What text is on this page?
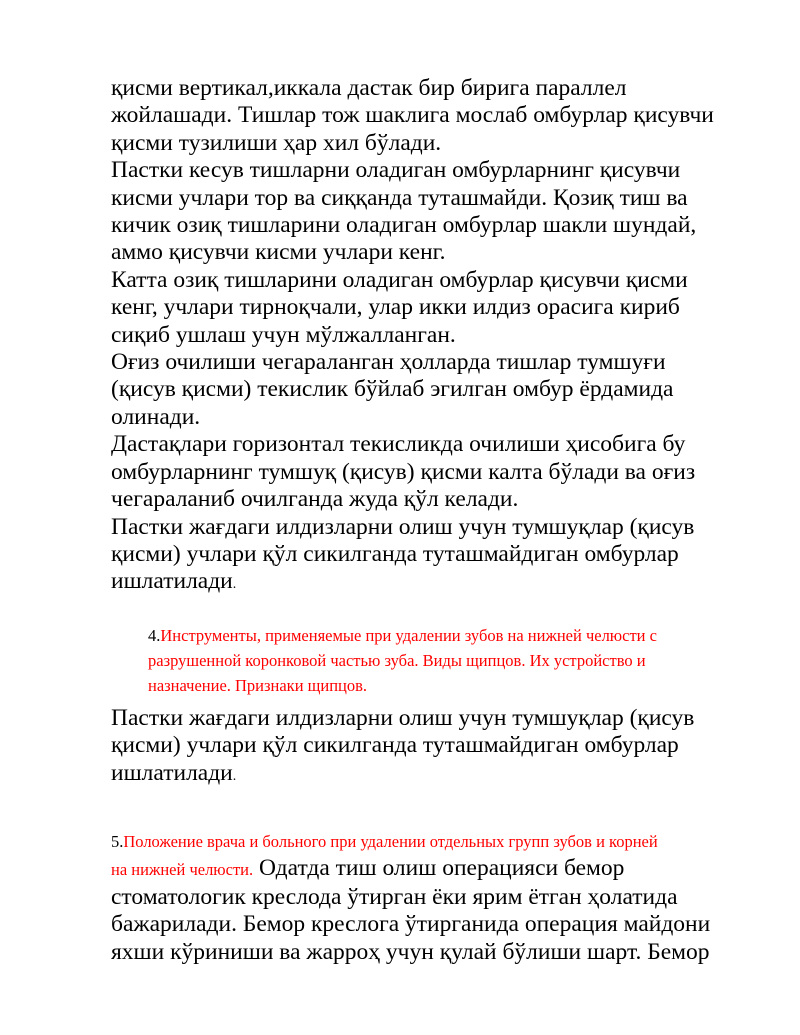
қисми вертикал,иккала дастак бир бирига параллел
жойлашади. Тишлар тож шаклига мослаб омбурлар қисувчи
қисми тузилиши ҳар хил бўлади.
Пастки кесув тишларни оладиган омбурларнинг қисувчи
кисми учлари тор ва сиққанда туташмайди. Қозиқ тиш ва
кичик озиқ тишларини оладиган омбурлар шакли шундай,
аммо қисувчи кисми учлари кенг.
Катта озиқ тишларини оладиган омбурлар қисувчи қисми
кенг, учлари тирноқчали, улар икки илдиз орасига кириб
сиқиб ушлаш учун мўлжалланган.
Оғиз очилиши чегараланган ҳолларда тишлар тумшуғи
(қисув қисми) текислик бўйлаб эгилган омбур ёрдамида
олинади.
Дастақлари горизонтал текисликда очилиши ҳисобига бу
омбурларнинг тумшуқ (қисув) қисми калта бўлади ва оғиз
чегараланиб очилганда жуда қўл келади.
Пастки жағдаги илдизларни олиш учун тумшуқлар (қисув
қисми) учлари қўл сикилганда туташмайдиган омбурлар
ишлатилади.

4.Инструменты, применяемые при удалении зубов на нижней челюсти с
разрушенной коронковой частью зуба. Виды щипцов. Их устройство и
назначение. Признаки щипцов.

Пастки жағдаги илдизларни олиш учун тумшуқлар (қисув
қисми) учлари қўл сикилганда туташмайдиган омбурлар
ишлатилади.

5.Положение врача и больного при удалении отдельных групп зубов и корней
на нижней челюсти. Одатда тиш олиш операцияси бемор
стоматологик креслода ўтирган ёки ярим ётган ҳолатида
бажарилади. Бемор креслога ўтирганида операция майдони
яхши кўриниши ва жарроҳ учун қулай бўлиши шарт. Бемор
